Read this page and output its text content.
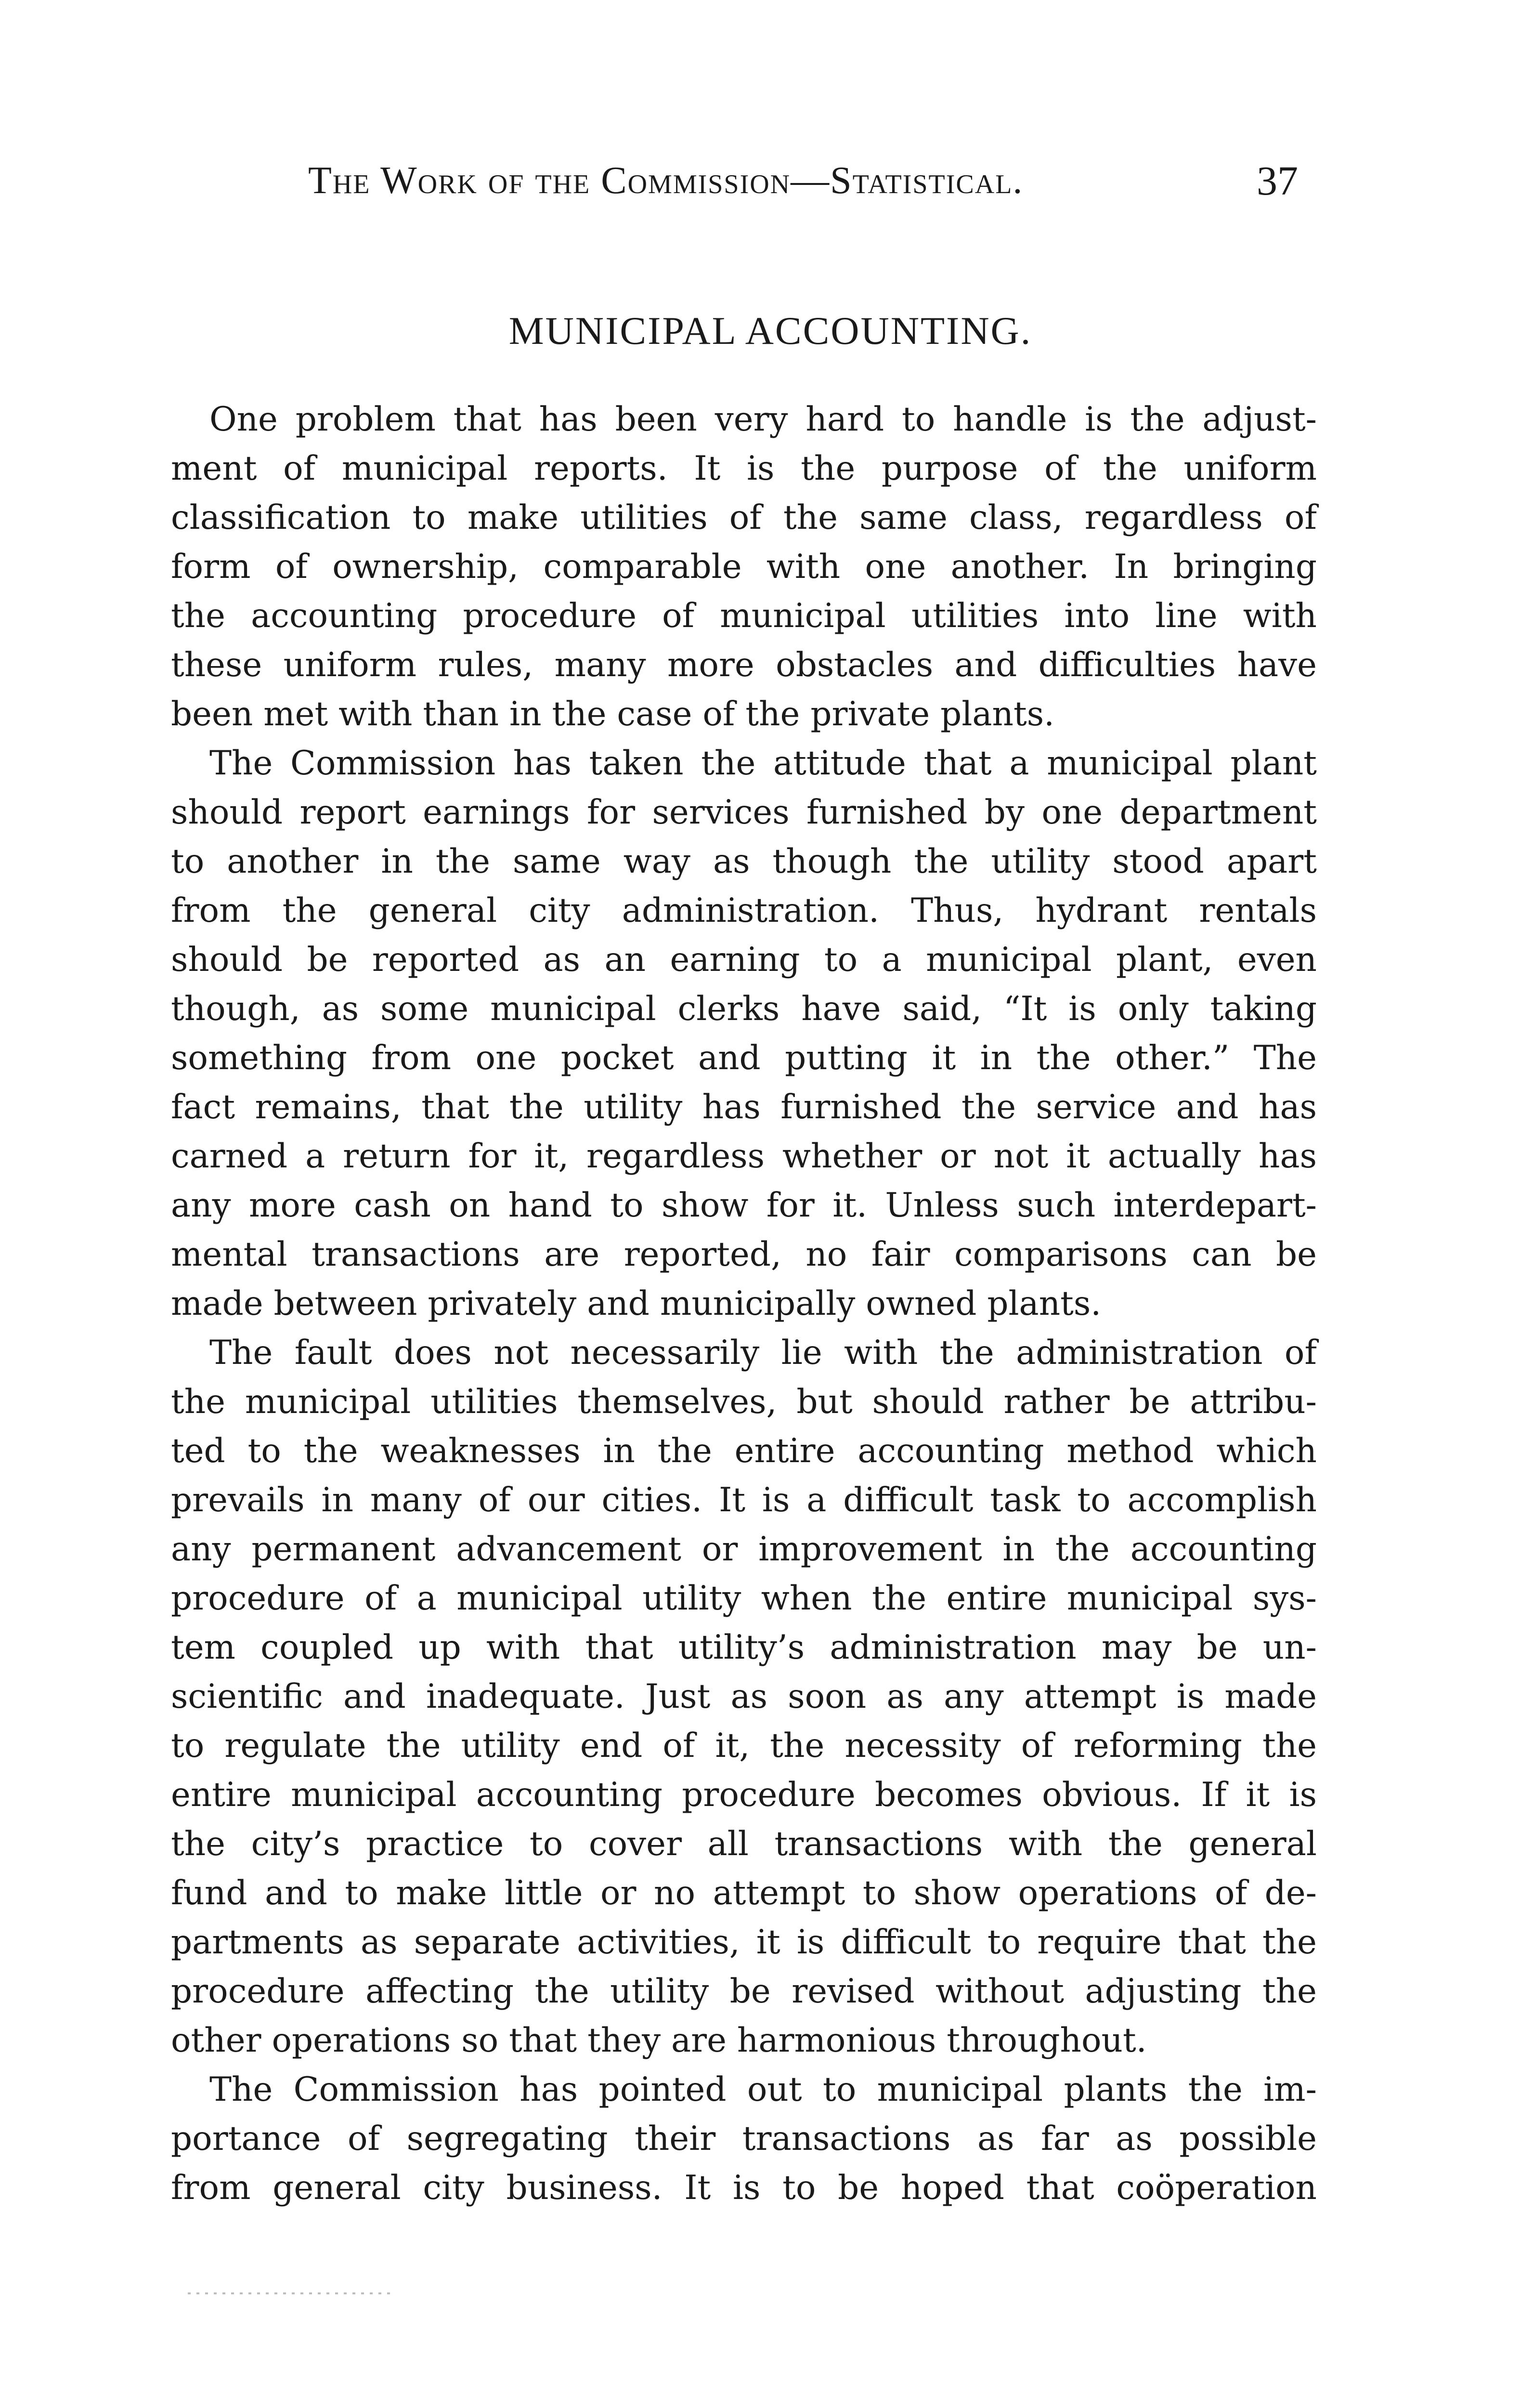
The Work of the Commission—Statistical.	37
MUNICIPAL ACCOUNTING.

One problem that has been very hard to handle is the adjust-
ment of municipal reports. It is the purpose of the uniform
classification to make utilities of the same class, regardless of
form of ownership, comparable with one another. In bringing
the accounting procedure of municipal utilities into line with
these uniform rules, many more obstacles and difficulties have
been met with than in the case of the private plants.

The Commission has taken the attitude that a municipal plant
should report earnings for services furnished by one department
to another in the same way as though the utility stood apart
from the general city administration. Thus, hydrant rentals
should be reported as an earning to a municipal plant, even
though, as some municipal clerks have said, “It is only taking
something from one pocket and putting it in the other.” The
fact remains, that the utility has furnished the service and has
carned a return for it, regardless whether or not it actually has
any more cash on hand to show for it. Unless such interdepart-
mental transactions are reported, no fair comparisons can be
made between privately and municipally owned plants.

The fault does not necessarily lie with the administration of
the municipal utilities themselves, but should rather be attribu-
ted to the weaknesses in the entire accounting method which
prevails in many of our cities. It is a difficult task to accomplish
any permanent advancement or improvement in the accounting
procedure of a municipal utility when the entire municipal sys-
tem coupled up with that utility’s administration may be un-
scientific and inadequate. Just as soon as any attempt is made
to regulate the utility end of it, the necessity of reforming the
entire municipal accounting procedure becomes obvious. If it is
the city’s practice to cover all transactions with the general
fund and to make little or no attempt to show operations of de-
partments as separate activities, it is difficult to require that the
procedure affecting the utility be revised without adjusting the
other operations so that they are harmonious throughout.

The Commission has pointed out to municipal plants the im-
portance of segregating their transactions as far as possible
from general city business. It is to be hoped that coöperation
